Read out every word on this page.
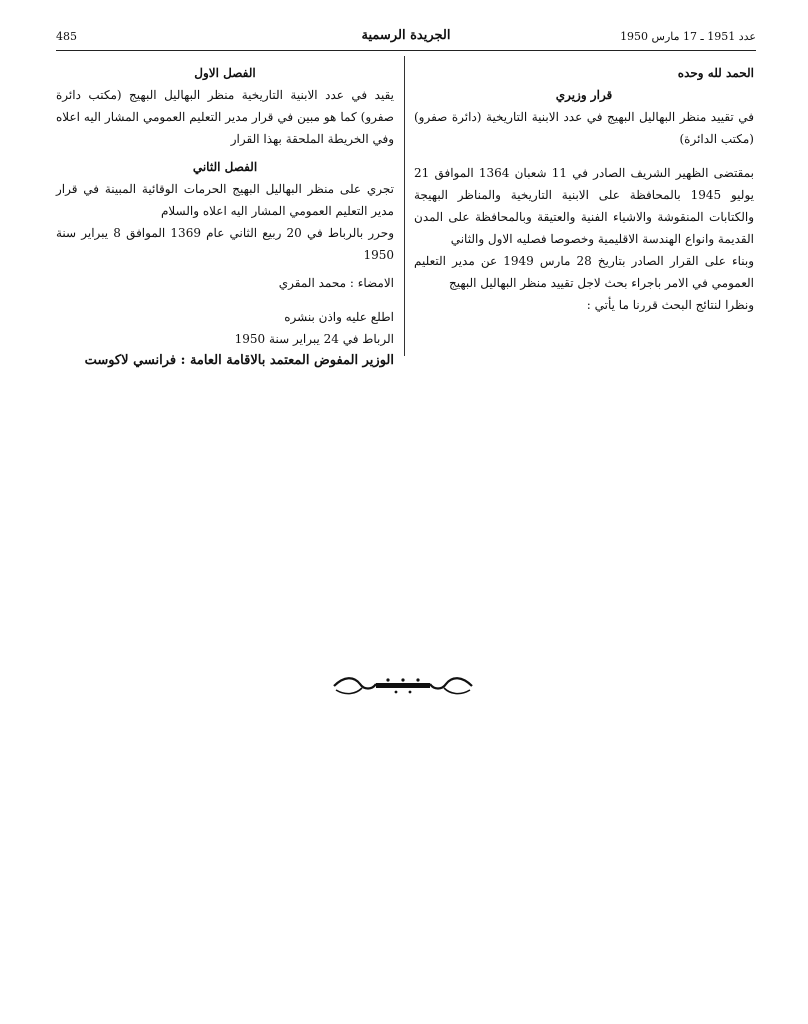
485	الجريدة الرسمية	عدد 1951 ـ 17 مارس 1950

الحمد لله وحده

قرار وزيري

في تقييد منظر البهاليل البهيج في عدد الابنية التاريخية (دائرة صفرو) (مكتب الدائرة)

بمقتضى الظهير الشريف الصادر في 11 شعبان 1364 الموافق 21 يوليو 1945 بالمحافظة على الابنية التاريخية والمناظر البهيجة والكتابات المنقوشة والاشياء الفنية والعتيقة وبالمحافظة على المدن القديمة وانواع الهندسة الاقليمية وخصوصا فصليه الاول والثاني

وبناء على القرار الصادر بتاريخ 28 مارس 1949 عن مدير التعليم العمومي في الامر باجراء بحث لاجل تقييد منظر البهاليل البهيج

ونظرا لنتائج البحث قررنا ما يأتي :

الفصل الاول

يقيد في عدد الابنية التاريخية منظر البهاليل البهيج (مكتب دائرة صفرو) كما هو مبين في قرار مدير التعليم العمومي المشار اليه اعلاه وفي الخريطة الملحقة بهذا القرار

الفصل الثاني

تجري على منظر البهاليل البهيج الحرمات الوقائية المبينة في قرار مدير التعليم العمومي المشار اليه اعلاه والسلام

وحرر بالرباط في 20 ربيع الثاني عام 1369 الموافق 8 يبراير سنة 1950

الامضاء : محمد المقري

اطلع عليه واذن بنشره

الرباط في 24 يبراير سنة 1950

الوزير المفوض المعتمد بالاقامة العامة : فرانسي لاكوست
